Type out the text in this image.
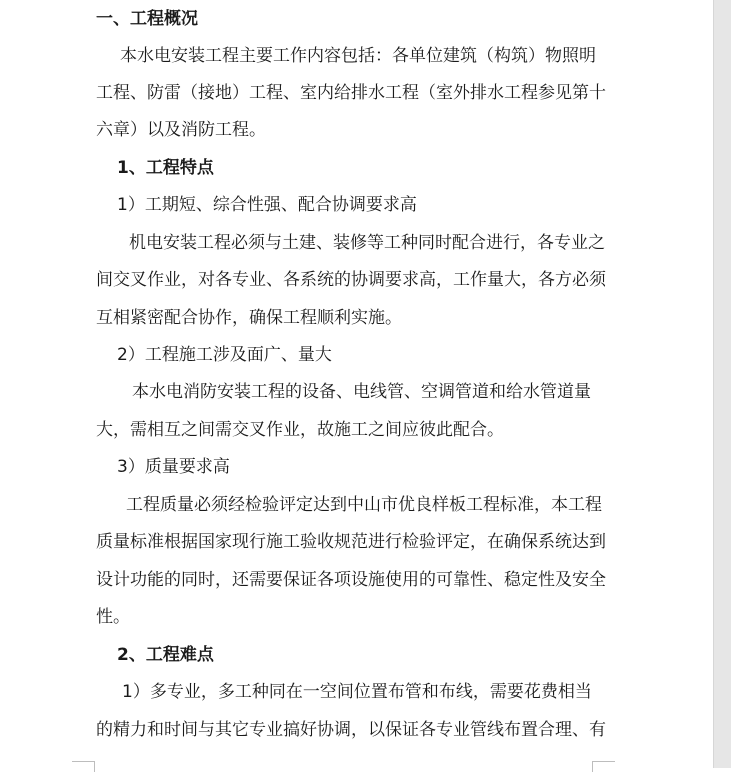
一、工程概况
本水电安装工程主要工作内容包括：各单位建筑（构筑）物照明
工程、防雷（接地）工程、室内给排水工程（室外排水工程参见第十
六章）以及消防工程。
1、工程特点
1）工期短、综合性强、配合协调要求高
机电安装工程必须与土建、装修等工种同时配合进行，各专业之
间交叉作业，对各专业、各系统的协调要求高，工作量大，各方必须
互相紧密配合协作，确保工程顺利实施。
2）工程施工涉及面广、量大
本水电消防安装工程的设备、电线管、空调管道和给水管道量
大，需相互之间需交叉作业，故施工之间应彼此配合。
3）质量要求高
工程质量必须经检验评定达到中山市优良样板工程标准，本工程
质量标准根据国家现行施工验收规范进行检验评定，在确保系统达到
设计功能的同时，还需要保证各项设施使用的可靠性、稳定性及安全
性。
2、工程难点
1）多专业，多工种同在一空间位置布管和布线，需要花费相当
的精力和时间与其它专业搞好协调，以保证各专业管线布置合理、有
